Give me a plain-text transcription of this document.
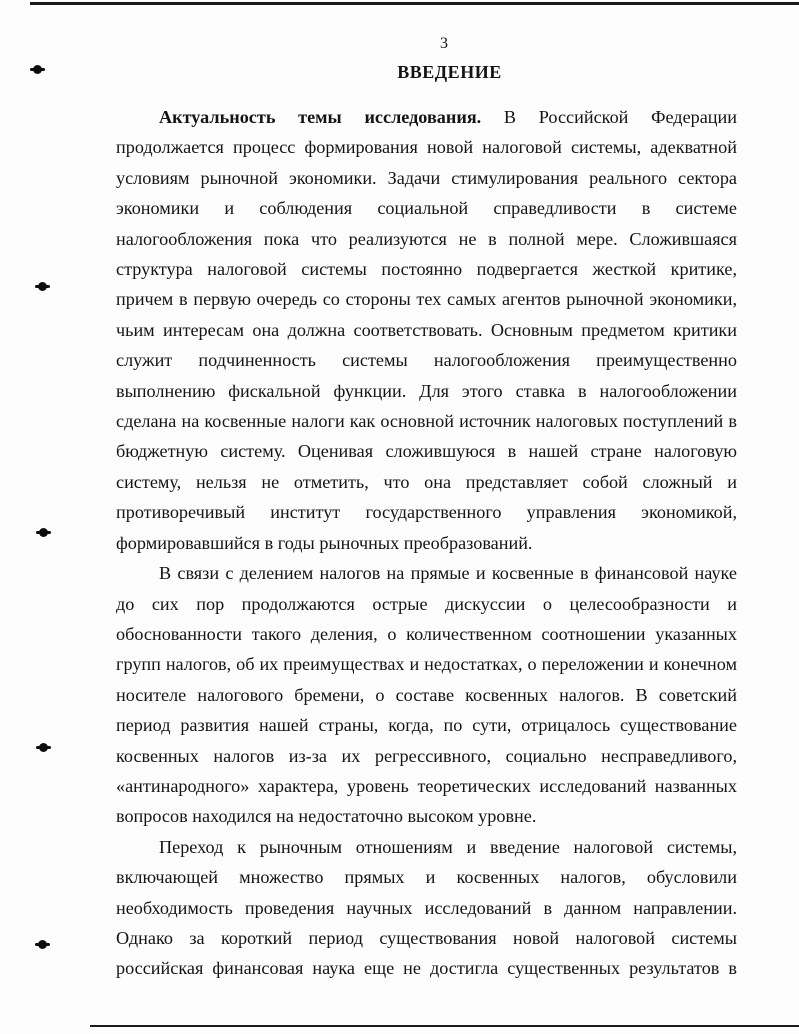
3
ВВЕДЕНИЕ

Актуальность темы исследования. В Российской Федерации продолжается процесс формирования новой налоговой системы, адекватной условиям рыночной экономики. Задачи стимулирования реального сектора экономики и соблюдения социальной справедливости в системе налогообложения пока что реализуются не в полной мере. Сложившаяся структура налоговой системы постоянно подвергается жесткой критике, причем в первую очередь со стороны тех самых агентов рыночной экономики, чьим интересам она должна соответствовать. Основным предметом критики служит подчиненность системы налогообложения преимущественно выполнению фискальной функции. Для этого ставка в налогообложении сделана на косвенные налоги как основной источник налоговых поступлений в бюджетную систему. Оценивая сложившуюся в нашей стране налоговую систему, нельзя не отметить, что она представляет собой сложный и противоречивый институт государственного управления экономикой, формировавшийся в годы рыночных преобразований.

В связи с делением налогов на прямые и косвенные в финансовой науке до сих пор продолжаются острые дискуссии о целесообразности и обоснованности такого деления, о количественном соотношении указанных групп налогов, об их преимуществах и недостатках, о переложении и конечном носителе налогового бремени, о составе косвенных налогов. В советский период развития нашей страны, когда, по сути, отрицалось существование косвенных налогов из-за их регрессивного, социально несправедливого, «антинародного» характера, уровень теоретических исследований названных вопросов находился на недостаточно высоком уровне.

Переход к рыночным отношениям и введение налоговой системы, включающей множество прямых и косвенных налогов, обусловили необходимость проведения научных исследований в данном направлении. Однако за короткий период существования новой налоговой системы российская финансовая наука еще не достигла существенных результатов в
